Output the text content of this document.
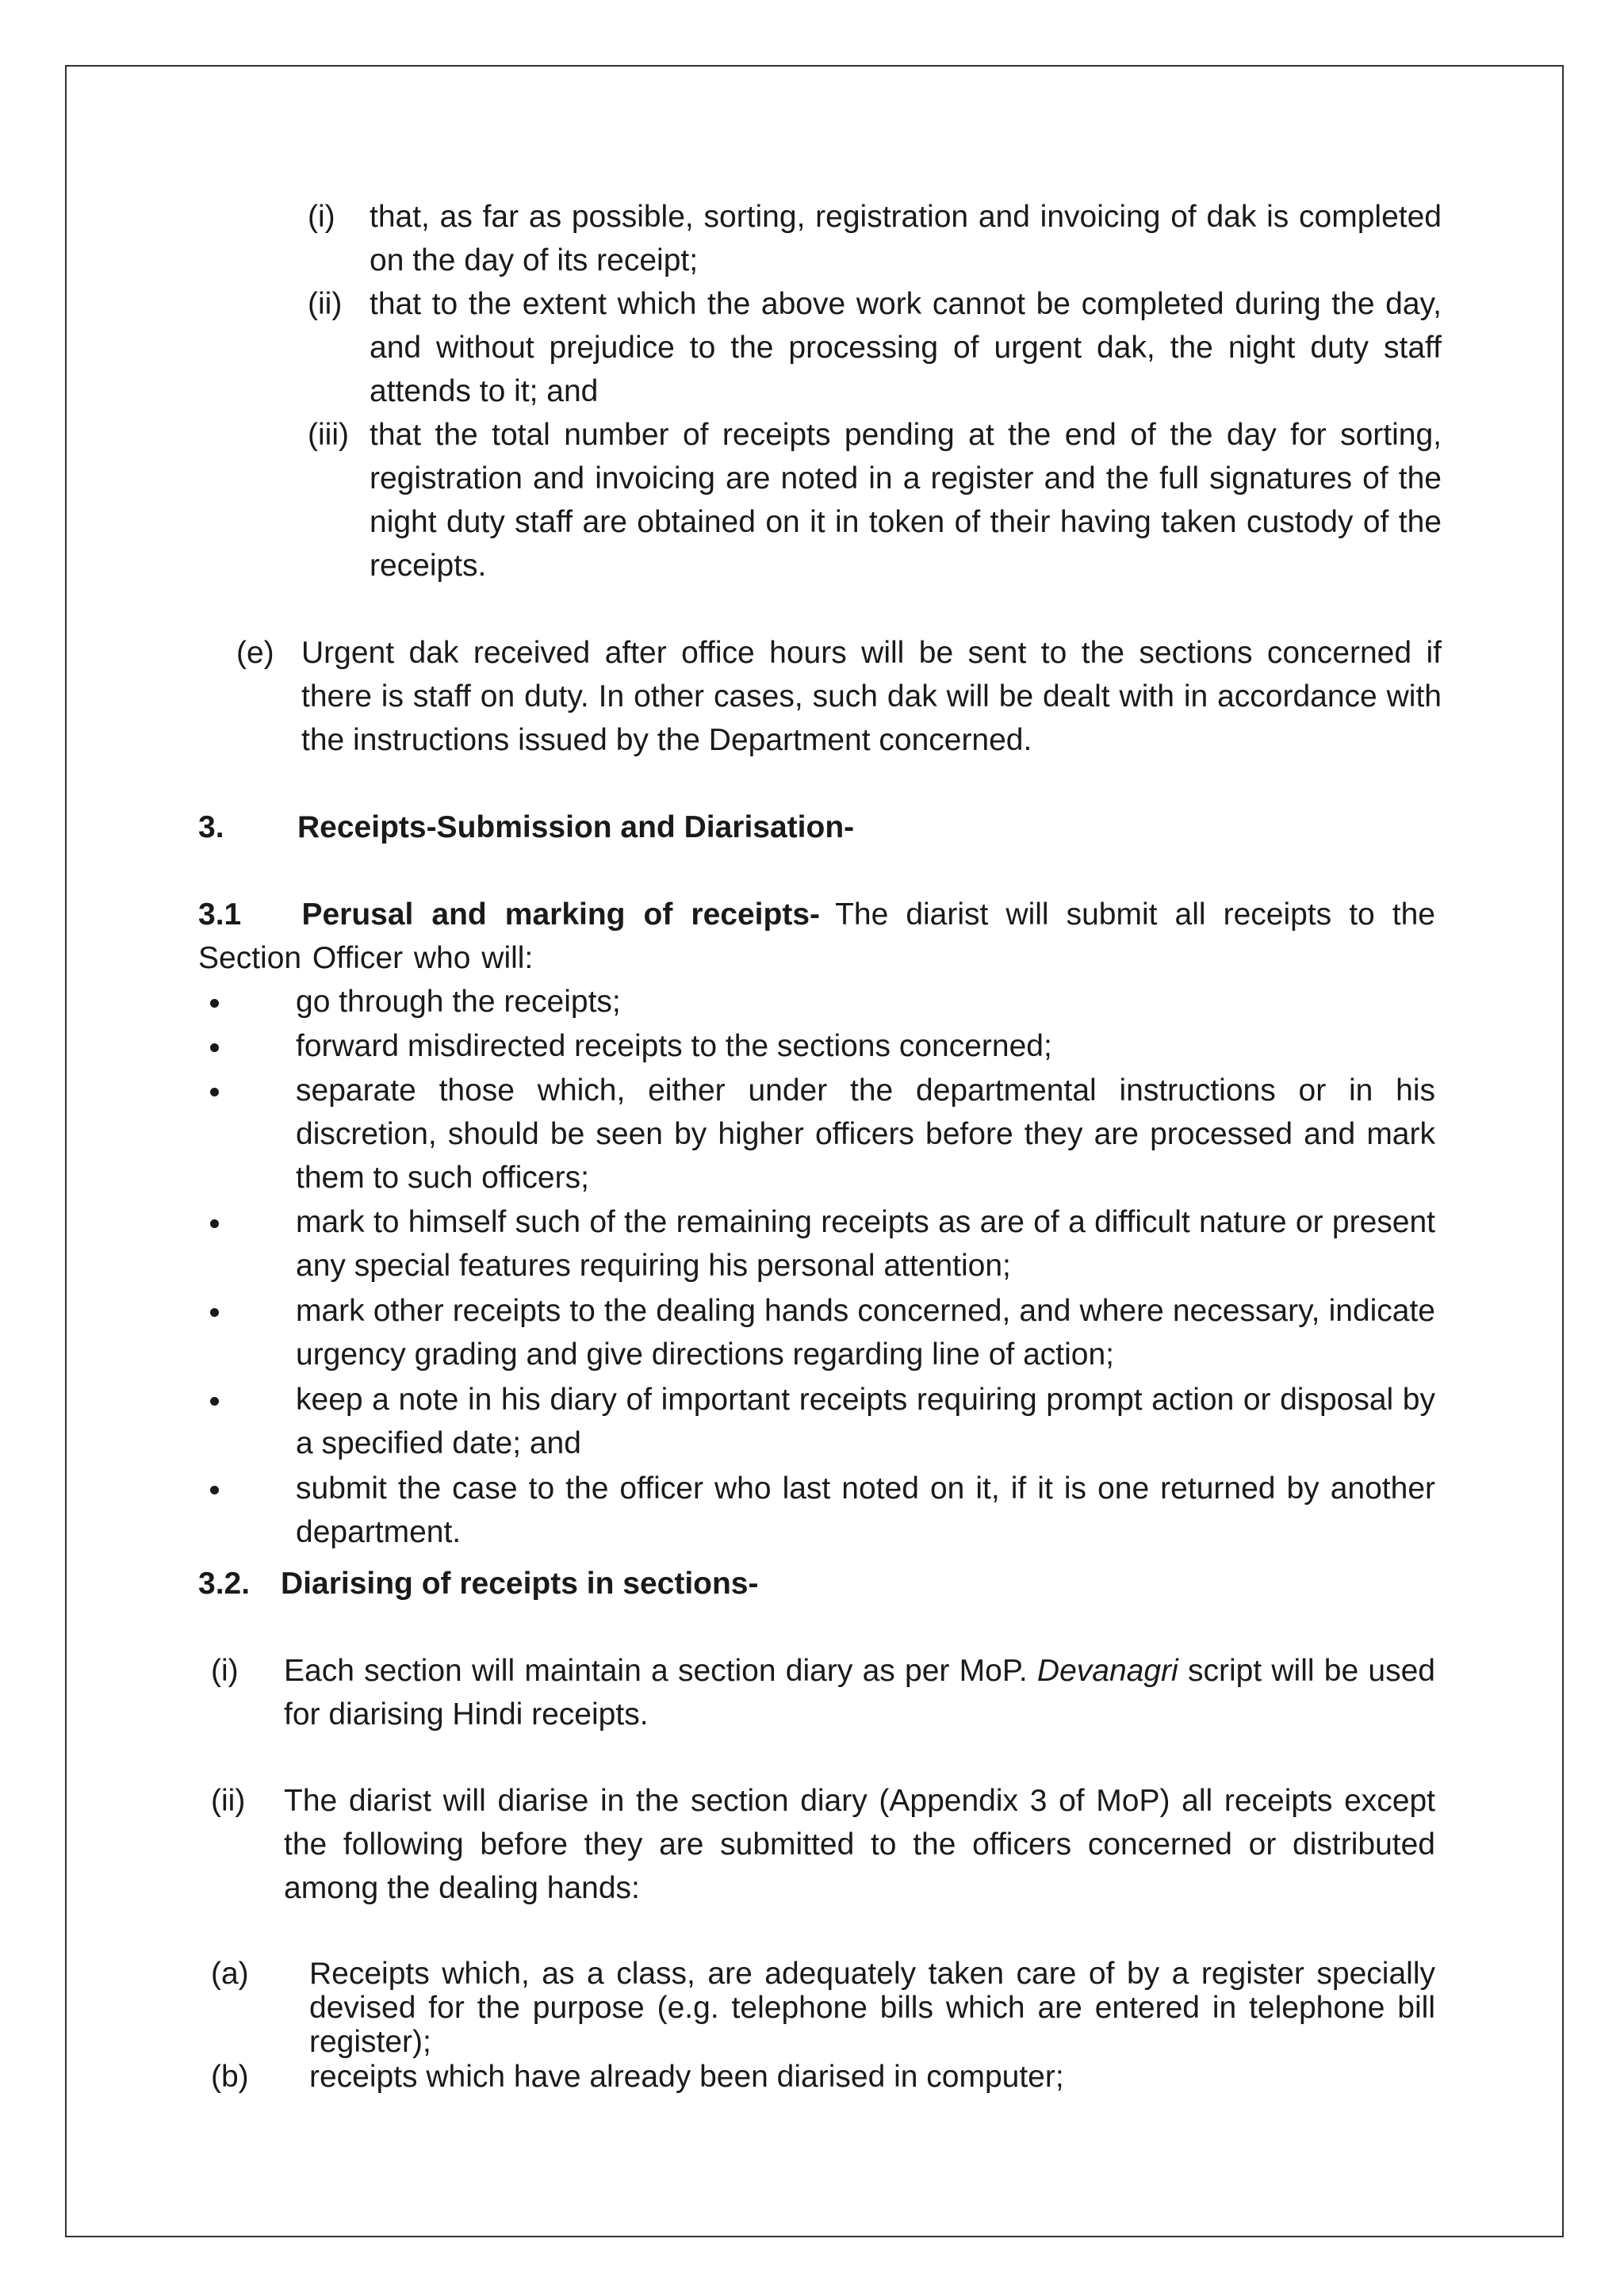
(i) that, as far as possible, sorting, registration and invoicing of dak is completed on the day of its receipt;
(ii) that to the extent which the above work cannot be completed during the day, and without prejudice to the processing of urgent dak, the night duty staff attends to it; and
(iii) that the total number of receipts pending at the end of the day for sorting, registration and invoicing are noted in a register and the full signatures of the night duty staff are obtained on it in token of their having taken custody of the receipts.
(e) Urgent dak received after office hours will be sent to the sections concerned if there is staff on duty. In other cases, such dak will be dealt with in accordance with the instructions issued by the Department concerned.
3. Receipts-Submission and Diarisation-
3.1 Perusal and marking of receipts- The diarist will submit all receipts to the Section Officer who will:
go through the receipts;
forward misdirected receipts to the sections concerned;
separate those which, either under the departmental instructions or in his discretion, should be seen by higher officers before they are processed and mark them to such officers;
mark to himself such of the remaining receipts as are of a difficult nature or present any special features requiring his personal attention;
mark other receipts to the dealing hands concerned, and where necessary, indicate urgency grading and give directions regarding line of action;
keep a note in his diary of important receipts requiring prompt action or disposal by a specified date; and
submit the case to the officer who last noted on it, if it is one returned by another department.
3.2. Diarising of receipts in sections-
(i) Each section will maintain a section diary as per MoP. Devanagri script will be used for diarising Hindi receipts.
(ii) The diarist will diarise in the section diary (Appendix 3 of MoP) all receipts except the following before they are submitted to the officers concerned or distributed among the dealing hands:
(a) Receipts which, as a class, are adequately taken care of by a register specially devised for the purpose (e.g. telephone bills which are entered in telephone bill register);
(b) receipts which have already been diarised in computer;
